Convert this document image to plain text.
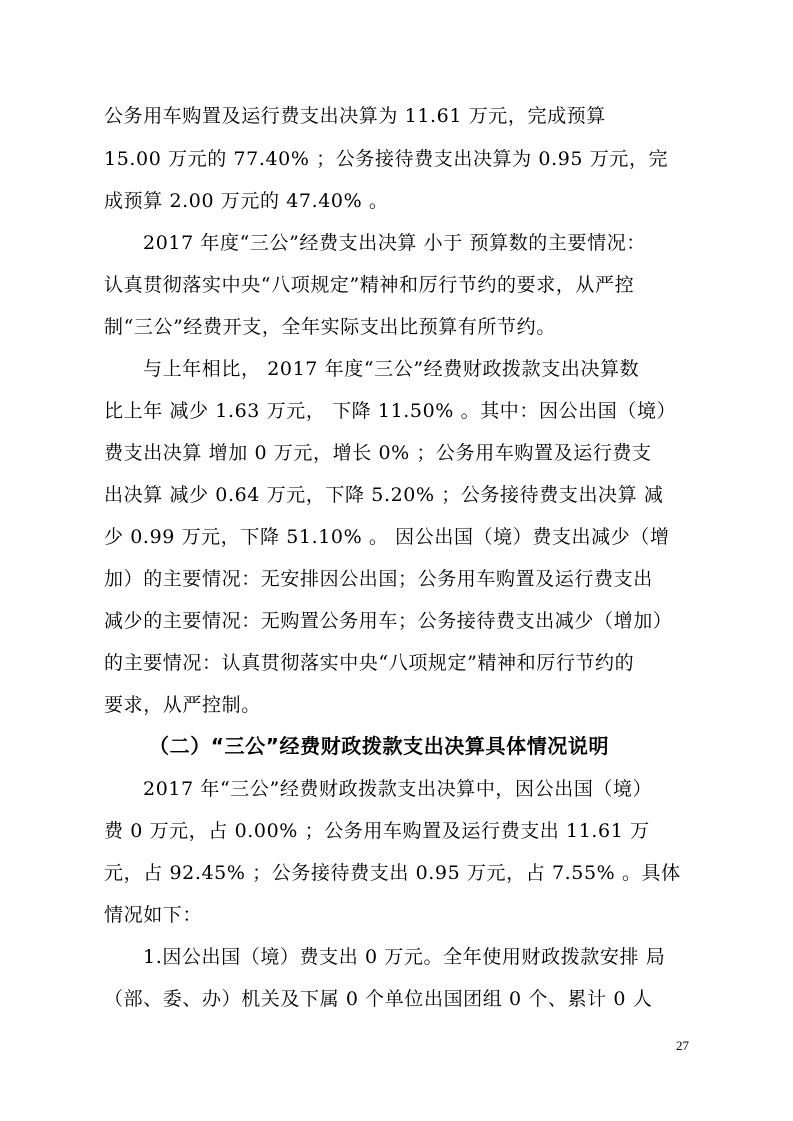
公务用车购置及运行费支出决算为 11.61 万元，完成预算
15.00 万元的 77.40% ；公务接待费支出决算为 0.95 万元，完
成预算 2.00 万元的 47.40% 。
2017 年度“三公”经费支出决算 小于 预算数的主要情况：
认真贯彻落实中央“八项规定”精神和厉行节约的要求，从严控
制“三公”经费开支，全年实际支出比预算有所节约。
与上年相比， 2017 年度“三公”经费财政拨款支出决算数
比上年 减少 1.63 万元， 下降 11.50% 。其中：因公出国（境）
费支出决算 增加 0 万元，增长 0% ；公务用车购置及运行费支
出决算 减少 0.64 万元，下降 5.20% ；公务接待费支出决算 减
少 0.99 万元，下降 51.10% 。 因公出国（境）费支出减少（增
加）的主要情况：无安排因公出国；公务用车购置及运行费支出
减少的主要情况：无购置公务用车；公务接待费支出减少（增加）
的主要情况：认真贯彻落实中央“八项规定”精神和厉行节约的
要求，从严控制。
（二）“三公”经费财政拨款支出决算具体情况说明
2017 年“三公”经费财政拨款支出决算中，因公出国（境）
费 0 万元，占 0.00% ；公务用车购置及运行费支出 11.61 万
元，占 92.45% ；公务接待费支出 0.95 万元，占 7.55% 。具体
情况如下：
1.因公出国（境）费支出 0 万元。全年使用财政拨款安排 局
（部、委、办）机关及下属 0 个单位出国团组 0 个、累计 0 人
27
